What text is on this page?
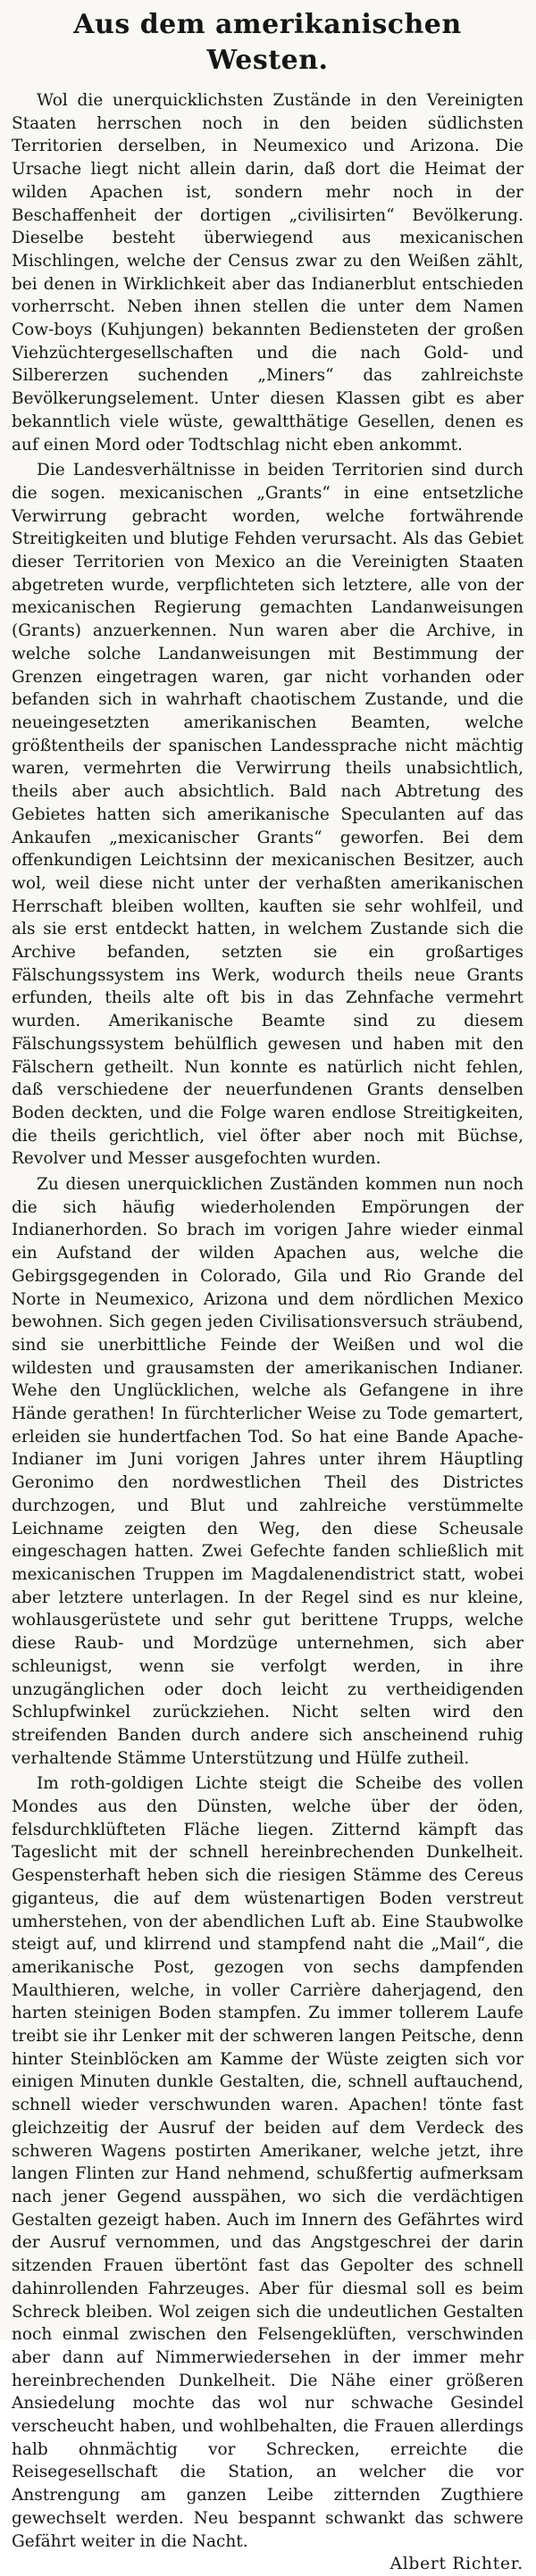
Aus dem amerikanischen Westen.

Wol die unerquicklichsten Zustände in den Vereinigten Staaten herrschen noch in den beiden südlichsten Territorien derselben, in Neumexico und Arizona. Die Ursache liegt nicht allein darin, daß dort die Heimat der wilden Apachen ist, sondern mehr noch in der Beschaffenheit der dortigen „civilisirten“ Bevölkerung. Dieselbe besteht überwiegend aus mexicanischen Mischlingen, welche der Census zwar zu den Weißen zählt, bei denen in Wirklichkeit aber das Indianerblut entschieden vorherrscht. Neben ihnen stellen die unter dem Namen Cow-boys (Kuhjungen) bekannten Bediensteten der großen Viehzüchtergesellschaften und die nach Gold- und Silbererzen suchenden „Miners“ das zahlreichste Bevölkerungselement. Unter diesen Klassen gibt es aber bekanntlich viele wüste, gewaltthätige Gesellen, denen es auf einen Mord oder Todtschlag nicht eben ankommt.

Die Landesverhältnisse in beiden Territorien sind durch die sogen. mexicanischen „Grants“ in eine entsetzliche Verwirrung gebracht worden, welche fortwährende Streitigkeiten und blutige Fehden verursacht. Als das Gebiet dieser Territorien von Mexico an die Vereinigten Staaten abgetreten wurde, verpflichteten sich letztere, alle von der mexicanischen Regierung gemachten Landanweisungen (Grants) anzuerkennen. Nun waren aber die Archive, in welche solche Landanweisungen mit Bestimmung der Grenzen eingetragen waren, gar nicht vorhanden oder befanden sich in wahrhaft chaotischem Zustande, und die neueingesetzten amerikanischen Beamten, welche größtentheils der spanischen Landessprache nicht mächtig waren, vermehrten die Verwirrung theils unabsichtlich, theils aber auch absichtlich. Bald nach Abtretung des Gebietes hatten sich amerikanische Speculanten auf das Ankaufen „mexicanischer Grants“ geworfen. Bei dem offenkundigen Leichtsinn der mexicanischen Besitzer, auch wol, weil diese nicht unter der verhaßten amerikanischen Herrschaft bleiben wollten, kauften sie sehr wohlfeil, und als sie erst entdeckt hatten, in welchem Zustande sich die Archive befanden, setzten sie ein großartiges Fälschungssystem ins Werk, wodurch theils neue Grants erfunden, theils alte oft bis in das Zehnfache vermehrt wurden. Amerikanische Beamte sind zu diesem Fälschungssystem behülflich gewesen und haben mit den Fälschern getheilt. Nun konnte es natürlich nicht fehlen, daß verschiedene der neuerfundenen Grants denselben Boden deckten, und die Folge waren endlose Streitigkeiten, die theils gerichtlich, viel öfter aber noch mit Büchse, Revolver und Messer ausgefochten wurden.

Zu diesen unerquicklichen Zuständen kommen nun noch die sich häufig wiederholenden Empörungen der Indianerhorden. So brach im vorigen Jahre wieder einmal ein Aufstand der wilden Apachen aus, welche die Gebirgsgegenden in Colorado, Gila und Rio Grande del Norte in Neumexico, Arizona und dem nördlichen Mexico bewohnen. Sich gegen jeden Civilisationsversuch sträubend, sind sie unerbittliche Feinde der Weißen und wol die wildesten und grausamsten der amerikanischen Indianer. Wehe den Unglücklichen, welche als Gefangene in ihre Hände gerathen! In fürchterlicher Weise zu Tode gemartert, erleiden sie hundertfachen Tod. So hat eine Bande Apache-Indianer im Juni vorigen Jahres unter ihrem Häuptling Geronimo den nordwestlichen Theil des Districtes durchzogen, und Blut und zahlreiche verstümmelte Leichname zeigten den Weg, den diese Scheusale eingeschagen hatten. Zwei Gefechte fanden schließlich mit mexicanischen Truppen im Magdalenendistrict statt, wobei aber letztere unterlagen. In der Regel sind es nur kleine, wohlausgerüstete und sehr gut berittene Trupps, welche diese Raub- und Mordzüge unternehmen, sich aber schleunigst, wenn sie verfolgt werden, in ihre unzugänglichen oder doch leicht zu vertheidigenden Schlupfwinkel zurückziehen. Nicht selten wird den streifenden Banden durch andere sich anscheinend ruhig verhaltende Stämme Unterstützung und Hülfe zutheil.

Im roth-goldigen Lichte steigt die Scheibe des vollen Mondes aus den Dünsten, welche über der öden, felsdurchklüfteten Fläche liegen. Zitternd kämpft das Tageslicht mit der schnell hereinbrechenden Dunkelheit. Gespensterhaft heben sich die riesigen Stämme des Cereus giganteus, die auf dem wüstenartigen Boden verstreut umherstehen, von der abendlichen Luft ab. Eine Staubwolke steigt auf, und klirrend und stampfend naht die „Mail“, die amerikanische Post, gezogen von sechs dampfenden Maulthieren, welche, in voller Carrière daherjagend, den harten steinigen Boden stampfen. Zu immer tollerem Laufe treibt sie ihr Lenker mit der schweren langen Peitsche, denn hinter Steinblöcken am Kamme der Wüste zeigten sich vor einigen Minuten dunkle Gestalten, die, schnell auftauchend, schnell wieder verschwunden waren. Apachen! tönte fast gleichzeitig der Ausruf der beiden auf dem Verdeck des schweren Wagens postirten Amerikaner, welche jetzt, ihre langen Flinten zur Hand nehmend, schußfertig aufmerksam nach jener Gegend ausspähen, wo sich die verdächtigen Gestalten gezeigt haben. Auch im Innern des Gefährtes wird der Ausruf vernommen, und das Angstgeschrei der darin sitzenden Frauen übertönt fast das Gepolter des schnell dahinrollenden Fahrzeuges. Aber für diesmal soll es beim Schreck bleiben. Wol zeigen sich die undeutlichen Gestalten noch einmal zwischen den Felsengeklüften, verschwinden aber dann auf Nimmerwiedersehen in der immer mehr hereinbrechenden Dunkelheit. Die Nähe einer größeren Ansiedelung mochte das wol nur schwache Gesindel verscheucht haben, und wohlbehalten, die Frauen allerdings halb ohnmächtig vor Schrecken, erreichte die Reisegesellschaft die Station, an welcher die vor Anstrengung am ganzen Leibe zitternden Zugthiere gewechselt werden. Neu bespannt schwankt das schwere Gefährt weiter in die Nacht.

Albert Richter.
